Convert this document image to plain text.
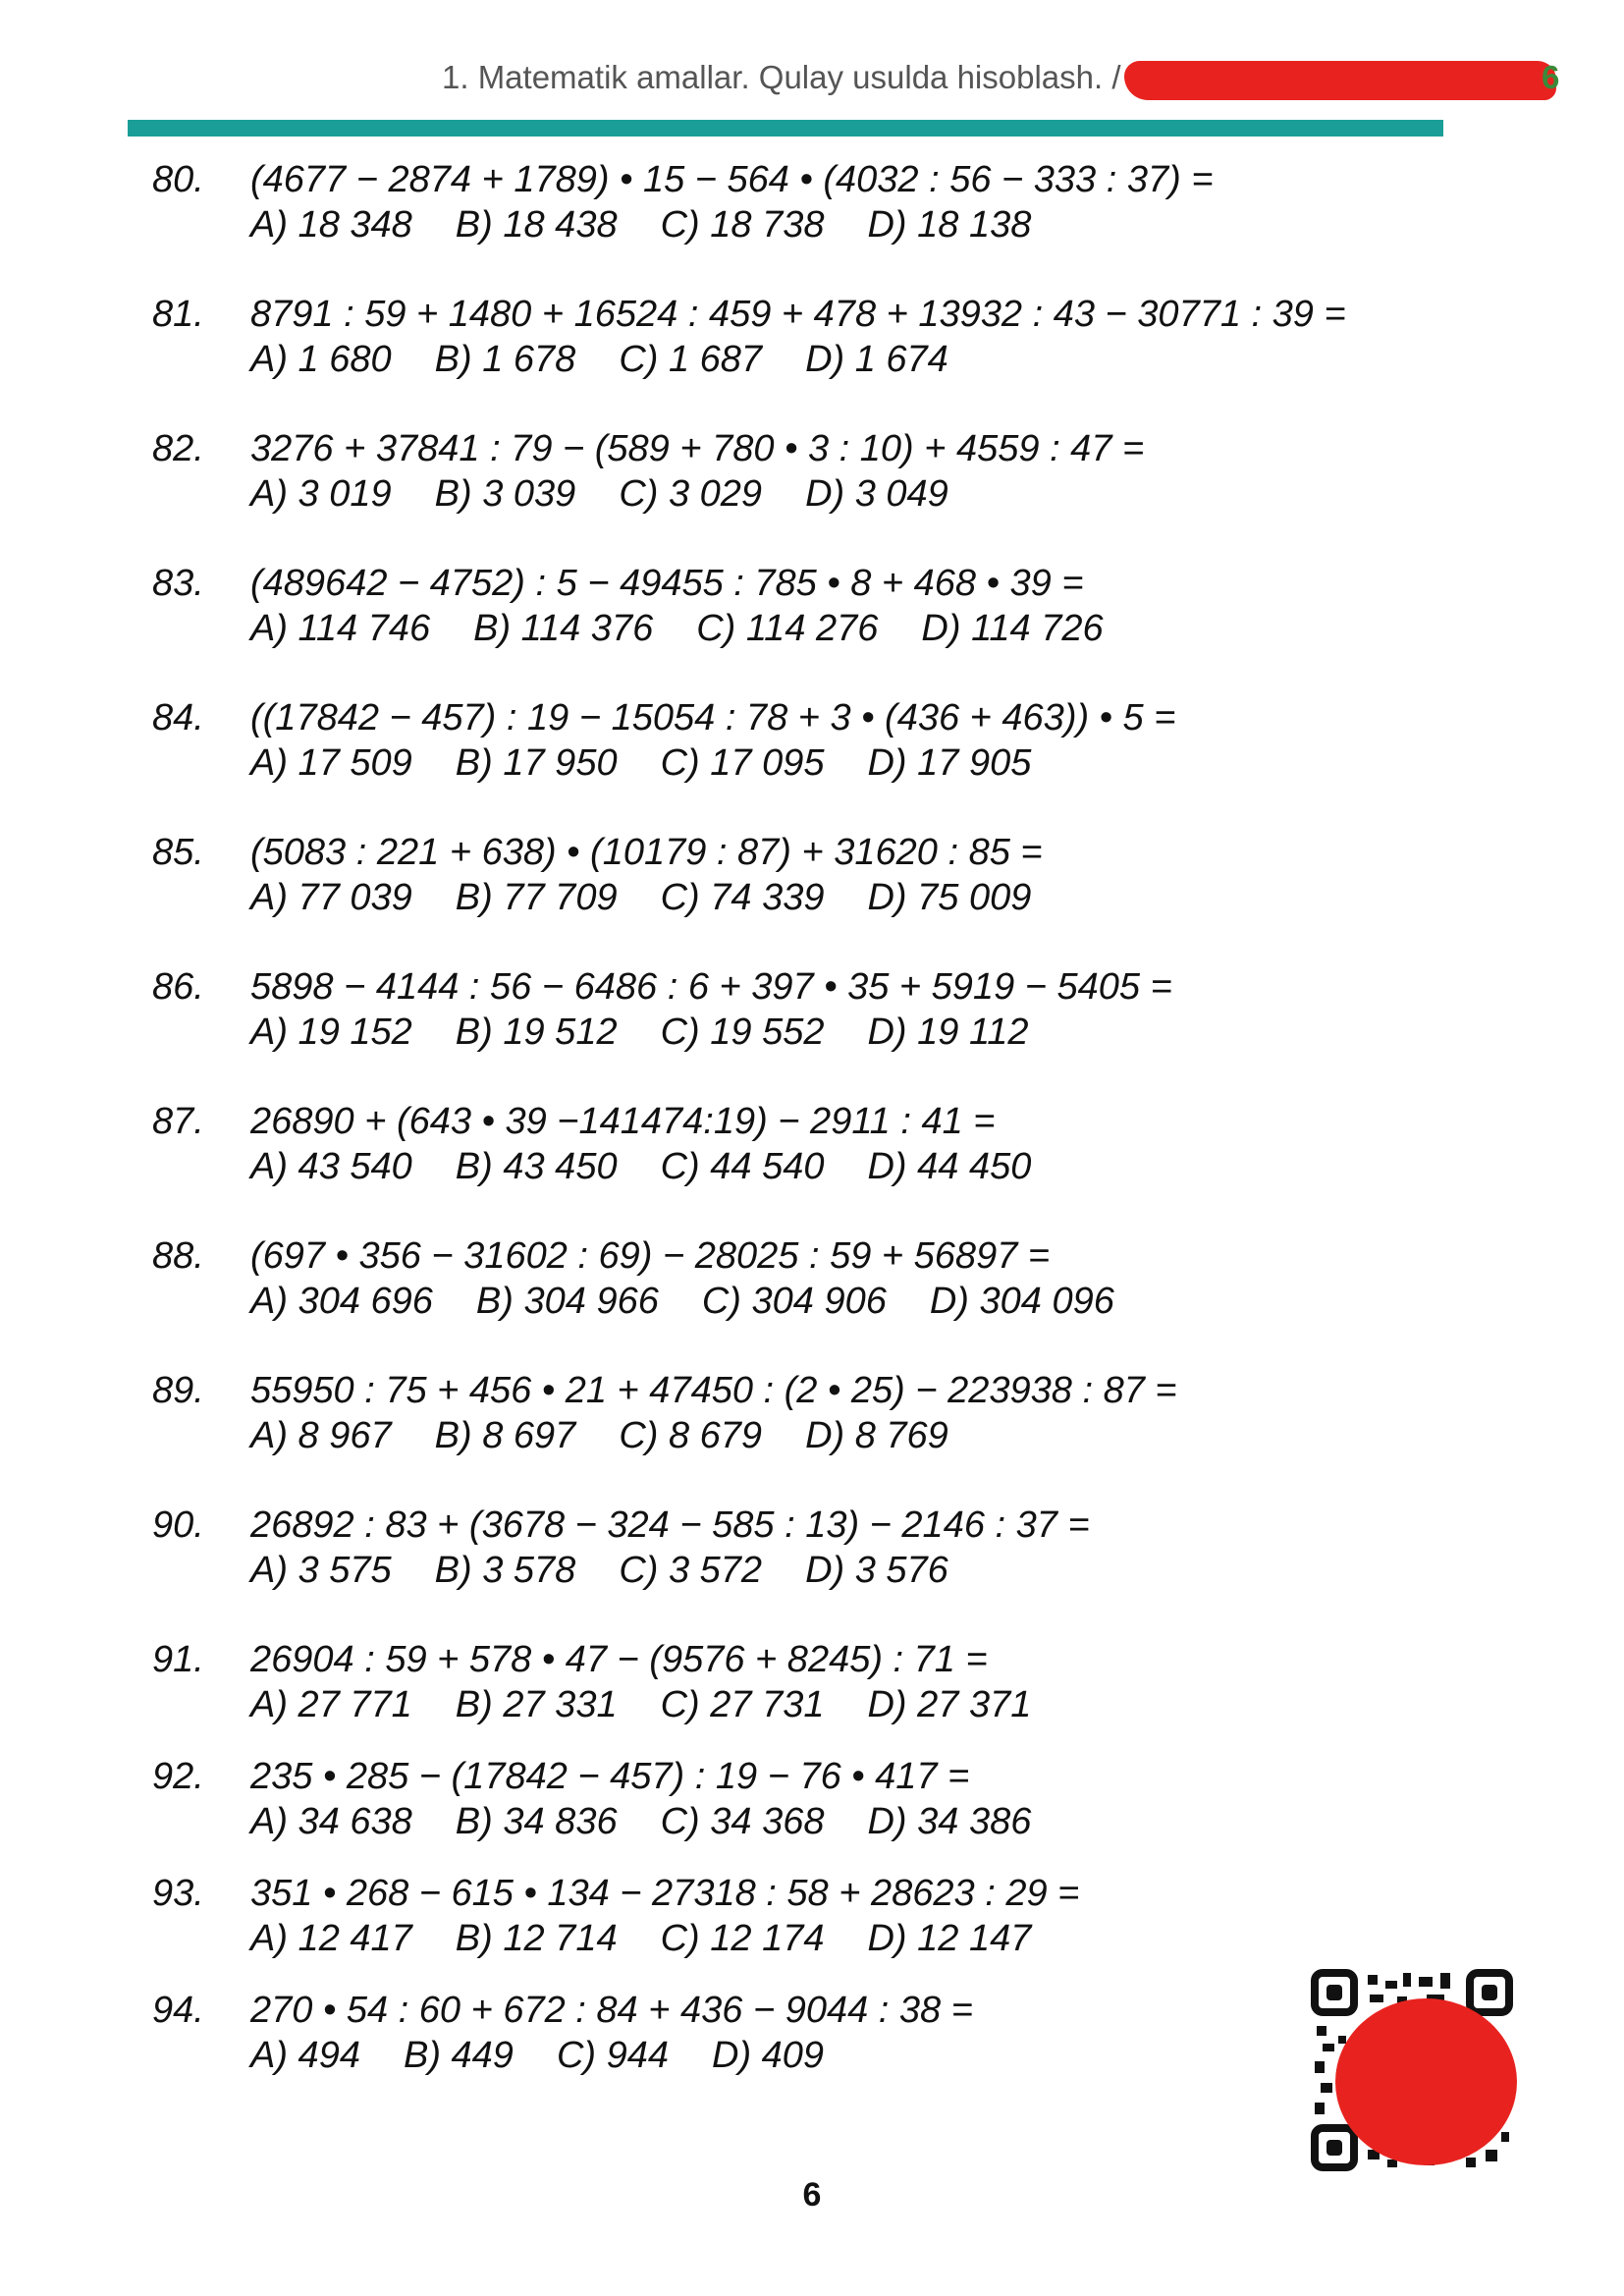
1. Matematik amallar. Qulay usulda hisoblash. /	6
80. (4677 − 2874 + 1789) • 15 − 564 • (4032 : 56 − 333 : 37) =
A) 18 348 B) 18 438 C) 18 738 D) 18 138
81. 8791 : 59 + 1480 + 16524 : 459 + 478 + 13932 : 43 − 30771 : 39 =
A) 1 680 B) 1 678 C) 1 687 D) 1 674
82. 3276 + 37841 : 79 − (589 + 780 • 3 : 10) + 4559 : 47 =
A) 3 019 B) 3 039 C) 3 029 D) 3 049
83. (489642 − 4752) : 5 − 49455 : 785 • 8 + 468 • 39 =
A) 114 746 B) 114 376 C) 114 276 D) 114 726
84. ((17842 − 457) : 19 − 15054 : 78 + 3 • (436 + 463)) • 5 =
A) 17 509 B) 17 950 C) 17 095 D) 17 905
85. (5083 : 221 + 638) • (10179 : 87) + 31620 : 85 =
A) 77 039 B) 77 709 C) 74 339 D) 75 009
86. 5898 − 4144 : 56 − 6486 : 6 + 397 • 35 + 5919 − 5405 =
A) 19 152 B) 19 512 C) 19 552 D) 19 112
87. 26890 + (643 • 39 −141474:19) − 2911 : 41 =
A) 43 540 B) 43 450 C) 44 540 D) 44 450
88. (697 • 356 − 31602 : 69) − 28025 : 59 + 56897 =
A) 304 696 B) 304 966 C) 304 906 D) 304 096
89. 55950 : 75 + 456 • 21 + 47450 : (2 • 25) − 223938 : 87 =
A) 8 967 B) 8 697 C) 8 679 D) 8 769
90. 26892 : 83 + (3678 − 324 − 585 : 13) − 2146 : 37 =
A) 3 575 B) 3 578 C) 3 572 D) 3 576
91. 26904 : 59 + 578 • 47 − (9576 + 8245) : 71 =
A) 27 771 B) 27 331 C) 27 731 D) 27 371
92. 235 • 285 − (17842 − 457) : 19 − 76 • 417 =
A) 34 638 B) 34 836 C) 34 368 D) 34 386
93. 351 • 268 − 615 • 134 − 27318 : 58 + 28623 : 29 =
A) 12 417 B) 12 714 C) 12 174 D) 12 147
94. 270 • 54 : 60 + 672 : 84 + 436 − 9044 : 38 =
A) 494 B) 449 C) 944 D) 409
6
